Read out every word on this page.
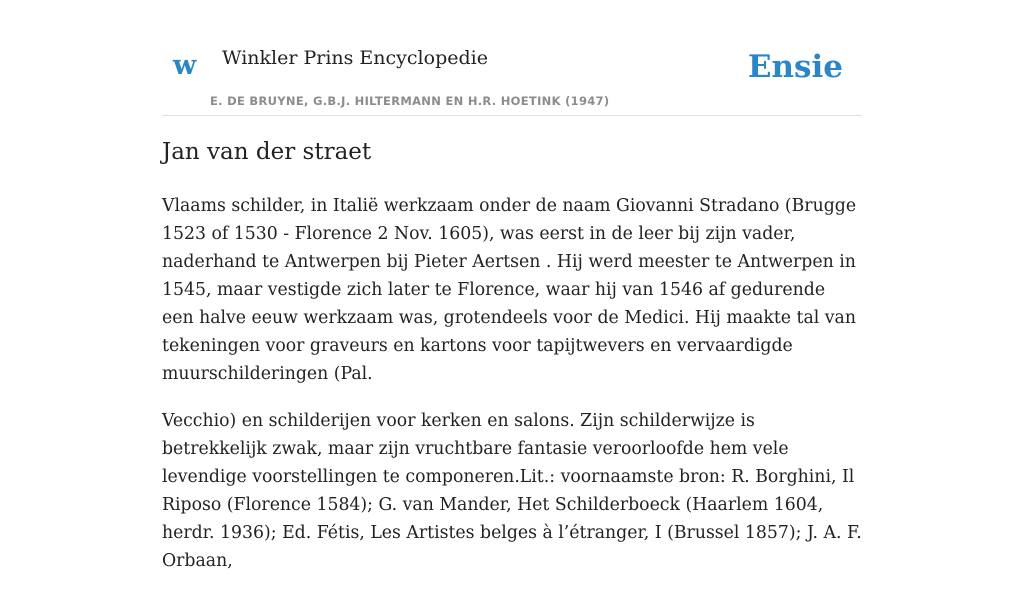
w Winkler Prins Encyclopedie
E. DE BRUYNE, G.B.J. HILTERMANN EN H.R. HOETINK (1947)
Ensie
Jan van der straet

Vlaams schilder, in Italië werkzaam onder de naam Giovanni Stradano (Brugge 1523 of 1530 - Florence 2 Nov. 1605), was eerst in de leer bij zijn vader, naderhand te Antwerpen bij Pieter Aertsen . Hij werd meester te Antwerpen in 1545, maar vestigde zich later te Florence, waar hij van 1546 af gedurende een halve eeuw werkzaam was, grotendeels voor de Medici. Hij maakte tal van tekeningen voor graveurs en kartons voor tapijtwevers en vervaardigde muurschilderingen (Pal.

Vecchio) en schilderijen voor kerken en salons. Zijn schilderwijze is betrekkelijk zwak, maar zijn vruchtbare fantasie veroorloofde hem vele levendige voorstellingen te componeren.Lit.: voornaamste bron: R. Borghini, Il Riposo (Florence 1584); G. van Mander, Het Schilderboeck (Haarlem 1604, herdr. 1936); Ed. Fétis, Les Artistes belges à l’étranger, I (Brussel 1857); J. A. F. Orbaan,
